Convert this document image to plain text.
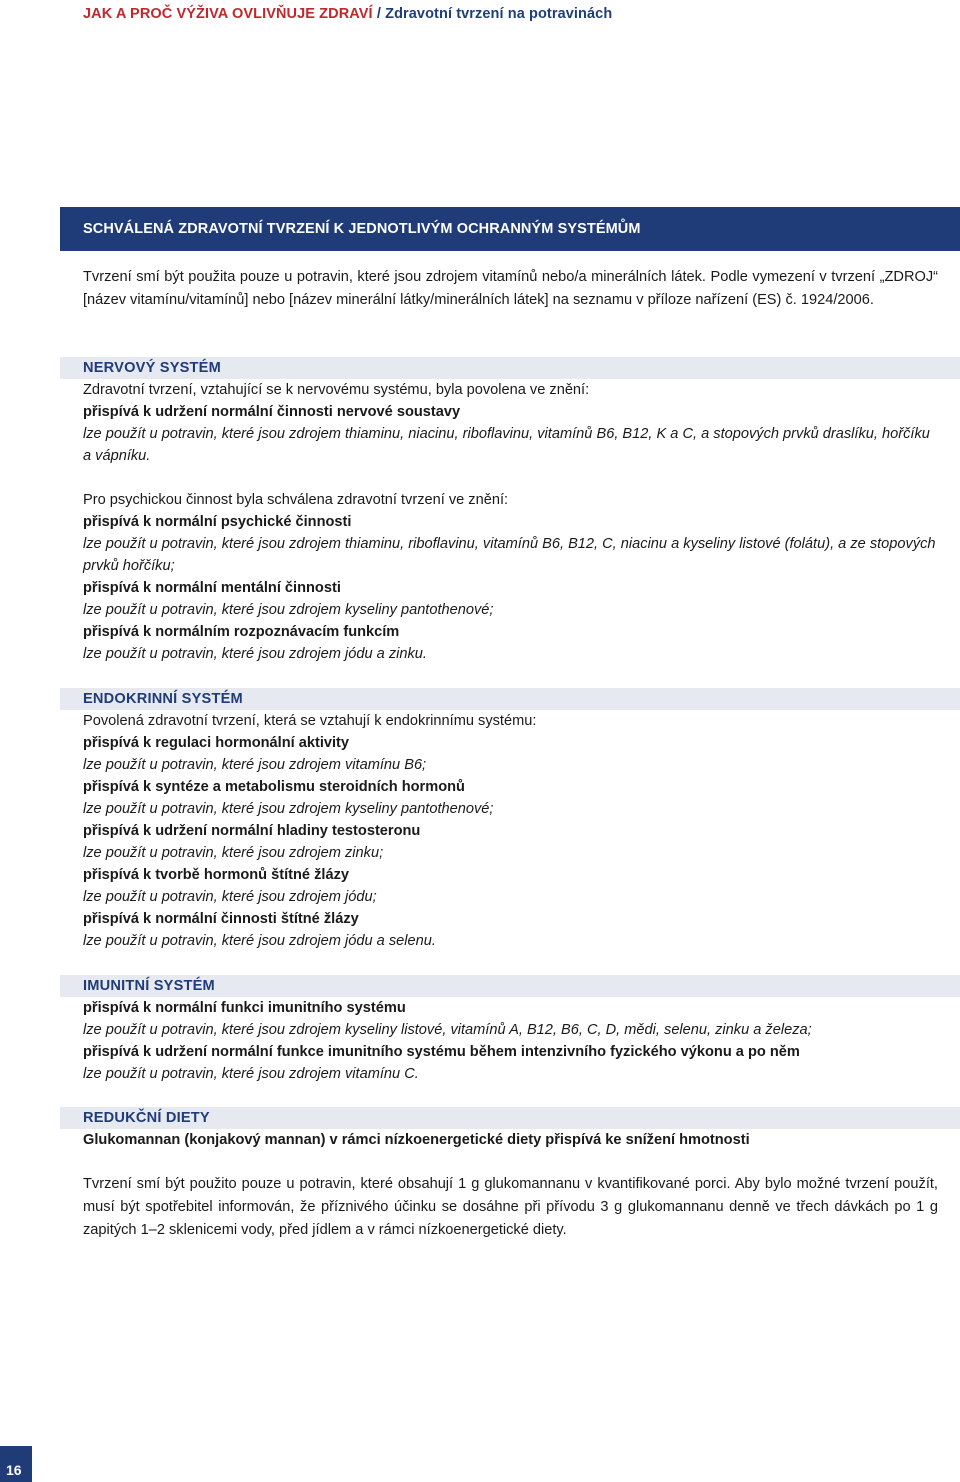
JAK A PROČ VÝŽIVA OVLIVŇUJE ZDRAVÍ / Zdravotní tvrzení na potravinách
SCHVÁLENÁ ZDRAVOTNÍ TVRZENÍ K JEDNOTLIVÝM OCHRANNÝM SYSTÉMŮM
Tvrzení smí být použita pouze u potravin, které jsou zdrojem vitamínů nebo/a minerálních látek. Podle vymezení v tvrzení „ZDROJ“ [název vitamínu/vitamínů] nebo [název minerální látky/minerálních látek] na seznamu v příloze nařízení (ES) č. 1924/2006.
NERVOVÝ SYSTÉM
Zdravotní tvrzení, vztahující se k nervovému systému, byla povolena ve znění:
přispívá k udržení normální činnosti nervové soustavy
lze použít u potravin, které jsou zdrojem thiaminu, niacinu, riboflavinu, vitamínů B6, B12, K a C, a stopových prvků draslíku, hořčíku a vápníku.
Pro psychickou činnost byla schválena zdravotní tvrzení ve znění:
přispívá k normální psychické činnosti
lze použít u potravin, které jsou zdrojem thiaminu, riboflavinu, vitamínů B6, B12, C, niacinu a kyseliny listové (folátu), a ze stopových prvků hořčíku;
přispívá k normální mentální činnosti
lze použít u potravin, které jsou zdrojem kyseliny pantothenové;
přispívá k normálním rozpoznávacím funkcím
lze použít u potravin, které jsou zdrojem jódu a zinku.
ENDOKRINNÍ SYSTÉM
Povolená zdravotní tvrzení, která se vztahují k endokrinnímu systému:
přispívá k regulaci hormonální aktivity
lze použít u potravin, které jsou zdrojem vitamínu B6;
přispívá k syntéze a metabolismu steroidních hormonů
lze použít u potravin, které jsou zdrojem kyseliny pantothenové;
přispívá k udržení normální hladiny testosteronu
lze použít u potravin, které jsou zdrojem zinku;
přispívá k tvorbě hormonů štítné žlázy
lze použít u potravin, které jsou zdrojem jódu;
přispívá k normální činnosti štítné žlázy
lze použít u potravin, které jsou zdrojem jódu a selenu.
IMUNITNÍ SYSTÉM
přispívá k normální funkci imunitního systému
lze použít u potravin, které jsou zdrojem kyseliny listové, vitamínů A, B12, B6, C, D, mědi, selenu, zinku a železa;
přispívá k udržení normální funkce imunitního systému během intenzivního fyzického výkonu a po něm
lze použít u potravin, které jsou zdrojem vitamínu C.
REDUKČNÍ DIETY
Glukomannan (konjakový mannan) v rámci nízkoenergetické diety přispívá ke snížení hmotnosti
Tvrzení smí být použito pouze u potravin, které obsahují 1 g glukomannanu v kvantifikované porci. Aby bylo možné tvrzení použít, musí být spotřebitel informován, že příznivého účinku se dosáhne při přívodu 3 g glukomannanu denně ve třech dávkách po 1 g zapitých 1–2 sklenicemi vody, před jídlem a v rámci nízkoenergetické diety.
16
